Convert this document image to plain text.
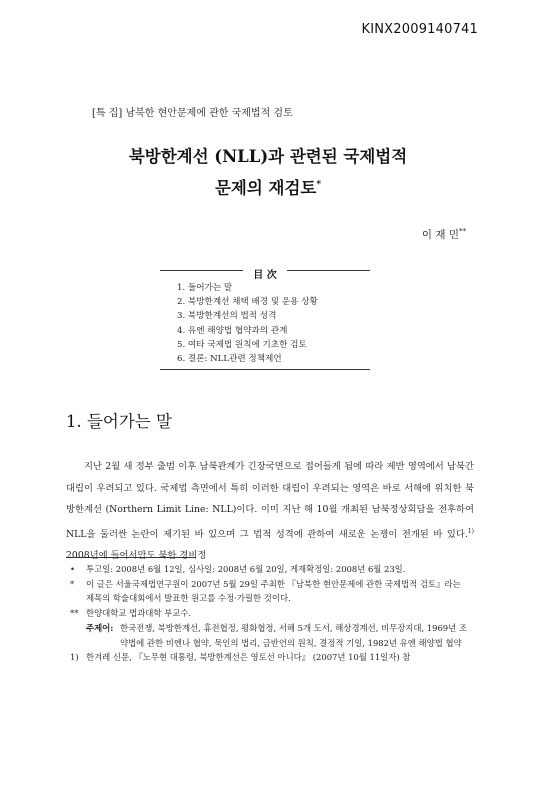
KINX2009140741
[특 집] 남북한 현안문제에 관한 국제법적 검토
북방한계선 (NLL)과 관련된 국제법적
문제의 재검토*
이 재 민**
目 次
1. 들어가는 말
2. 북방한계선 채택 배경 및 운용 상황
3. 북방한계선의 법적 성격
4. 유엔 해양법 협약과의 관계
5. 여타 국제법 원칙에 기초한 검토
6. 결론: NLL관련 정책제언
1. 들어가는 말

지난 2월 새 정부 출범 이후 남북관계가 긴장국면으로 접어들게 됨에 따라 제반 영역에서 남북간 대립이 우려되고 있다. 국제법 측면에서 특히 이러한 대립이 우려되는 영역은 바로 서해에 위치한 북방한계선 (Northern Limit Line: NLL)이다. 이미 지난 해 10월 개최된 남북정상회담을 전후하여 NLL을 둘러싼 논란이 제기된 바 있으며 그 법적 성격에 관하여 새로운 논쟁이 전개된 바 있다.$^{1)}$ 2008년에 들어서만도 북한 경비정

• 투고일: 2008년 6월 12일, 심사일: 2008년 6월 20일, 게재확정일: 2008년 6월 23일.
* 이 글은 서울국제법연구원이 2007년 5월 29일 주최한 『남북한 현안문제에 관한 국제법적 검토』라는 제목의 학술대회에서 발표한 원고를 수정·가필한 것이다.
** 한양대학교 법과대학 부교수.
주제어: 한국전쟁, 북방한계선, 휴전협정, 평화협정, 서해 5개 도서, 해상경계선, 비무장지대, 1969년 조약법에 관한 비엔나 협약, 묵인의 법리, 금반언의 원칙, 결정적 기일, 1982년 유엔 해양법 협약
1) 한겨레 신문, 『노무현 대통령, 북방한계선은 영토선 아니다』 (2007년 10월 11일자) 참
